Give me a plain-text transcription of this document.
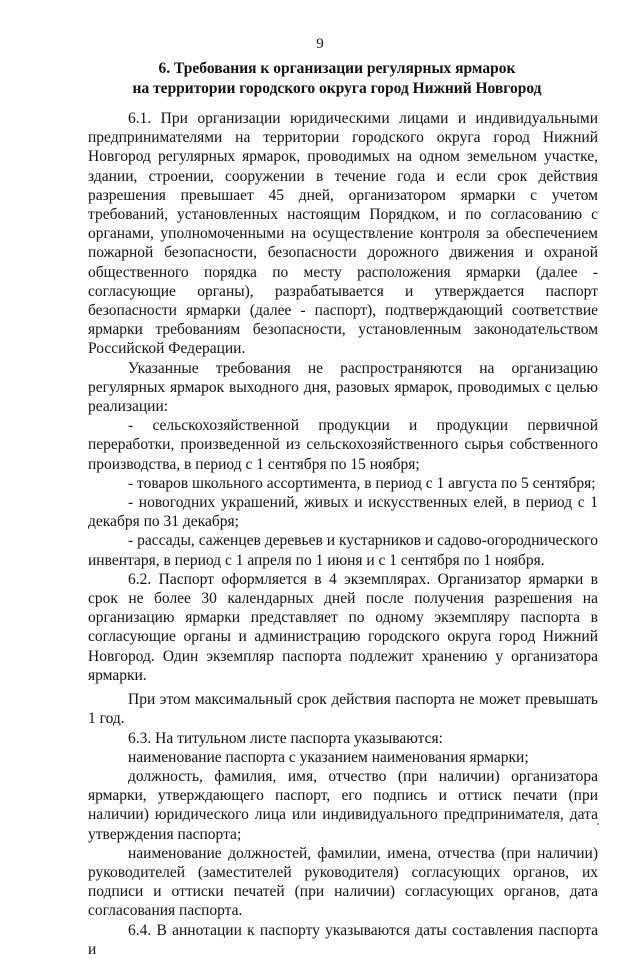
9
6. Требования к организации регулярных ярмарок
на территории городского округа город Нижний Новгород

6.1. При организации юридическими лицами и индивидуальными предпринимателями на территории городского округа город Нижний Новгород регулярных ярмарок, проводимых на одном земельном участке, здании, строении, сооружении в течение года и если срок действия разрешения превышает 45 дней, организатором ярмарки с учетом требований, установленных настоящим Порядком, и по согласованию с органами, уполномоченными на осуществление контроля за обеспечением пожарной безопасности, безопасности дорожного движения и охраной общественного порядка по месту расположения ярмарки (далее - согласующие органы), разрабатывается и утверждается паспорт безопасности ярмарки (далее - паспорт), подтверждающий соответствие ярмарки требованиям безопасности, установленным законодательством Российской Федерации.

Указанные требования не распространяются на организацию регулярных ярмарок выходного дня, разовых ярмарок, проводимых с целью реализации:

- сельскохозяйственной продукции и продукции первичной переработки, произведенной из сельскохозяйственного сырья собственного производства, в период с 1 сентября по 15 ноября;

- товаров школьного ассортимента, в период с 1 августа по 5 сентября;

- новогодних украшений, живых и искусственных елей, в период с 1 декабря по 31 декабря;

- рассады, саженцев деревьев и кустарников и садово-огороднического инвентаря, в период с 1 апреля по 1 июня и с 1 сентября по 1 ноября.

6.2. Паспорт оформляется в 4 экземплярах. Организатор ярмарки в срок не более 30 календарных дней после получения разрешения на организацию ярмарки представляет по одному экземпляру паспорта в согласующие органы и администрацию городского округа город Нижний Новгород. Один экземпляр паспорта подлежит хранению у организатора ярмарки.

При этом максимальный срок действия паспорта не может превышать 1 год.

6.3. На титульном листе паспорта указываются:

наименование паспорта с указанием наименования ярмарки;

должность, фамилия, имя, отчество (при наличии) организатора ярмарки, утверждающего паспорт, его подпись и оттиск печати (при наличии) юридического лица или индивидуального предпринимателя, дата утверждения паспорта;

наименование должностей, фамилии, имена, отчества (при наличии) руководителей (заместителей руководителя) согласующих органов, их подписи и оттиски печатей (при наличии) согласующих органов, дата согласования паспорта.

6.4. В аннотации к паспорту указываются даты составления паспорта и
